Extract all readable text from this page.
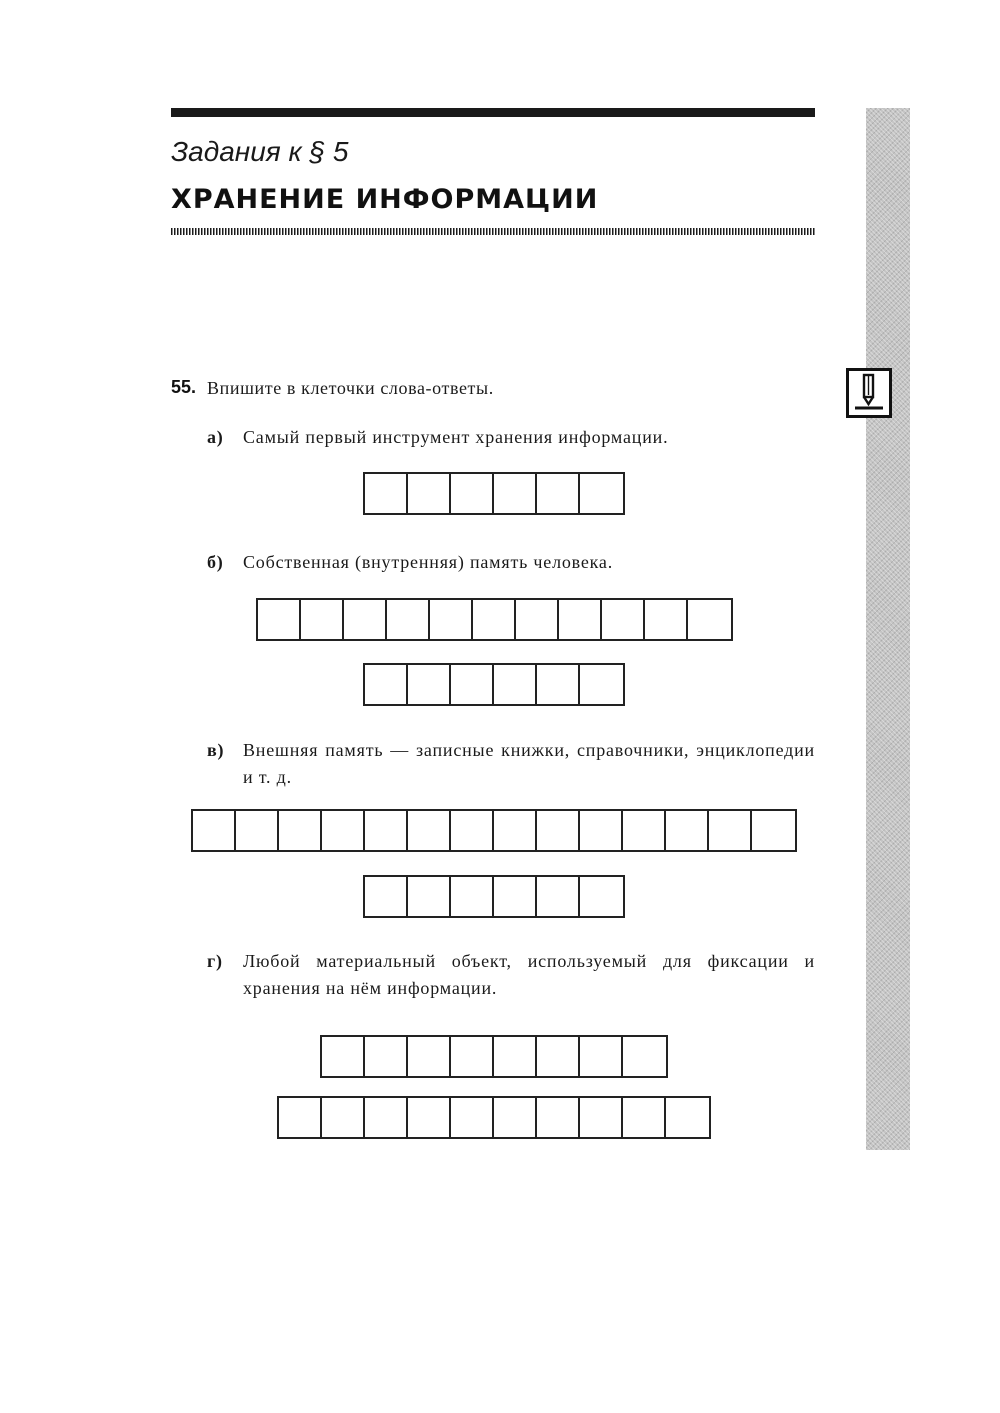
Задания к § 5
ХРАНЕНИЕ ИНФОРМАЦИИ
55. Впишите в клеточки слова-ответы.
а) Самый первый инструмент хранения информации.
б) Собственная (внутренняя) память человека.
в) Внешняя память — записные книжки, справочники, энциклопедии и т. д.
г) Любой материальный объект, используемый для фиксации и хранения на нём информации.
